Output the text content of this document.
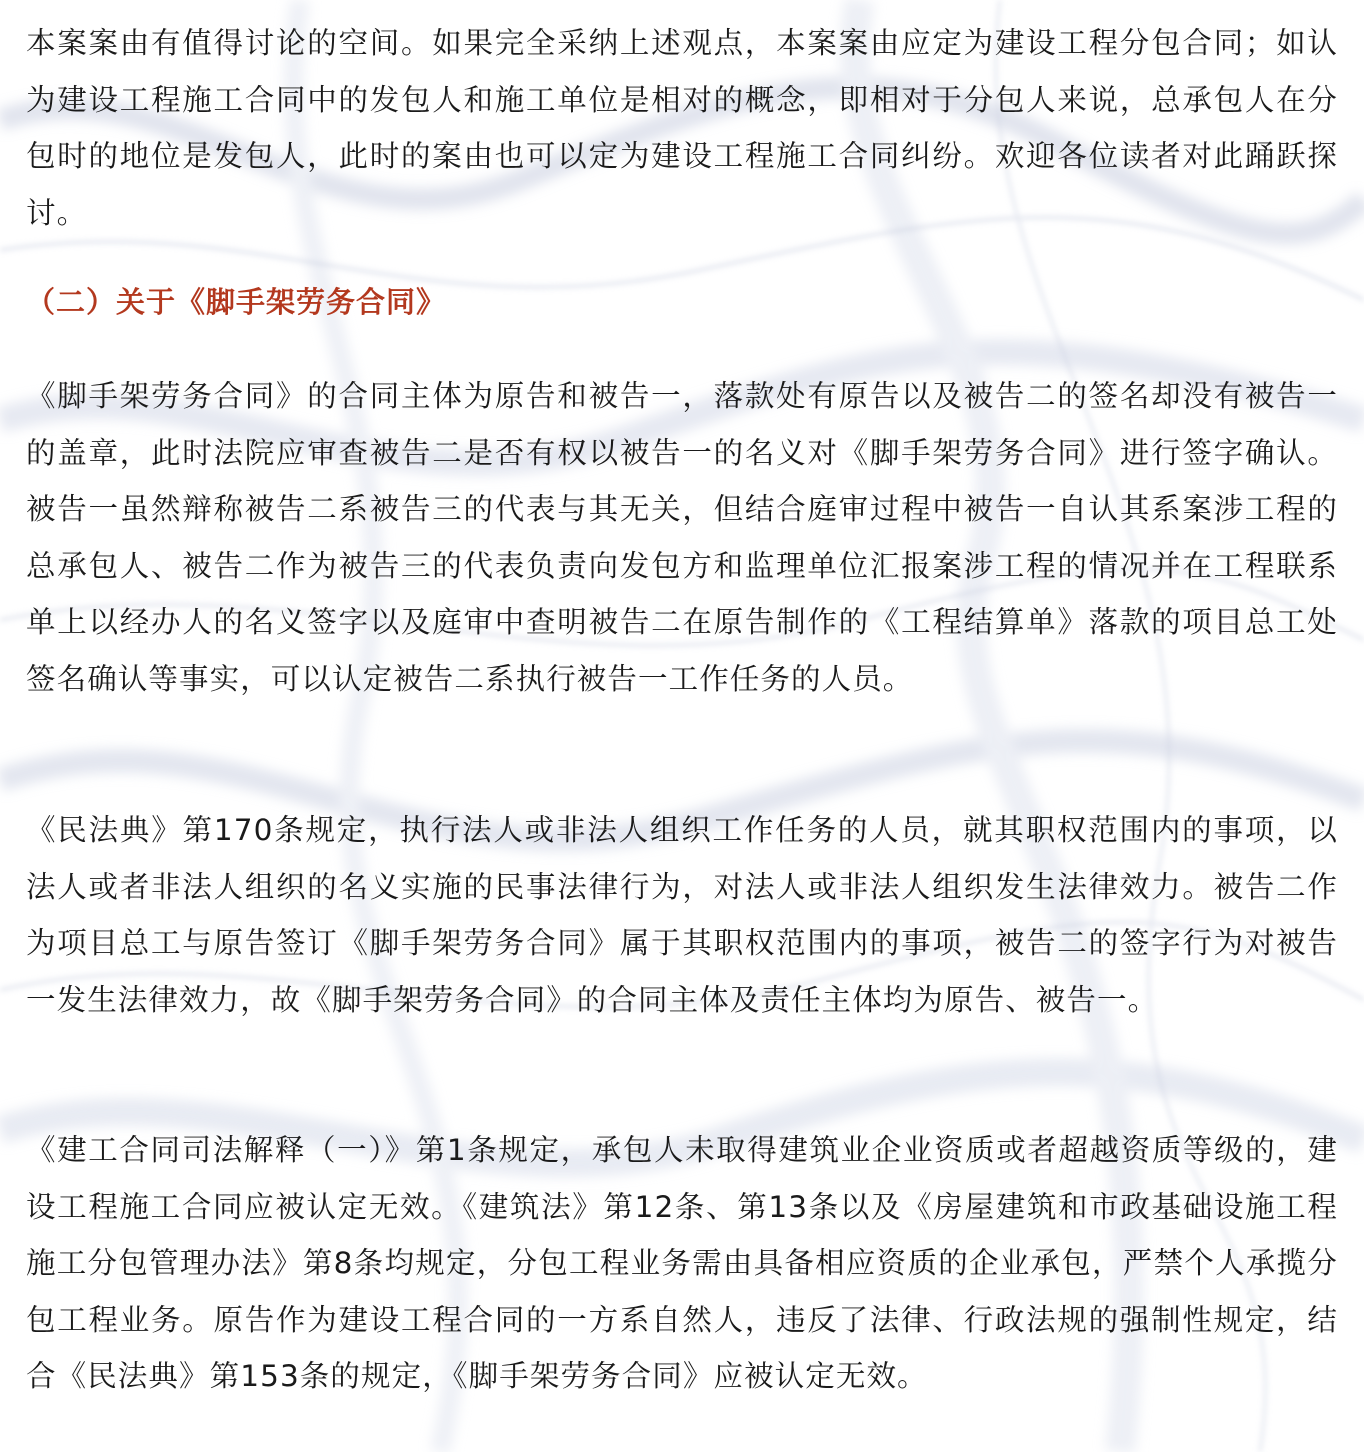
本案案由有值得讨论的空间。如果完全采纳上述观点，本案案由应定为建设工程分包合同；如认为建设工程施工合同中的发包人和施工单位是相对的概念，即相对于分包人来说，总承包人在分包时的地位是发包人，此时的案由也可以定为建设工程施工合同纠纷。欢迎各位读者对此踊跃探讨。

（二）关于《脚手架劳务合同》

《脚手架劳务合同》的合同主体为原告和被告一，落款处有原告以及被告二的签名却没有被告一的盖章，此时法院应审查被告二是否有权以被告一的名义对《脚手架劳务合同》进行签字确认。被告一虽然辩称被告二系被告三的代表与其无关，但结合庭审过程中被告一自认其系案涉工程的总承包人、被告二作为被告三的代表负责向发包方和监理单位汇报案涉工程的情况并在工程联系单上以经办人的名义签字以及庭审中查明被告二在原告制作的《工程结算单》落款的项目总工处签名确认等事实，可以认定被告二系执行被告一工作任务的人员。

《民法典》第170条规定，执行法人或非法人组织工作任务的人员，就其职权范围内的事项，以法人或者非法人组织的名义实施的民事法律行为，对法人或非法人组织发生法律效力。被告二作为项目总工与原告签订《脚手架劳务合同》属于其职权范围内的事项，被告二的签字行为对被告一发生法律效力，故《脚手架劳务合同》的合同主体及责任主体均为原告、被告一。

《建工合同司法解释（一）》第1条规定，承包人未取得建筑业企业资质或者超越资质等级的，建设工程施工合同应被认定无效。《建筑法》第12条、第13条以及《房屋建筑和市政基础设施工程施工分包管理办法》第8条均规定，分包工程业务需由具备相应资质的企业承包，严禁个人承揽分包工程业务。原告作为建设工程合同的一方系自然人，违反了法律、行政法规的强制性规定，结合《民法典》第153条的规定，《脚手架劳务合同》应被认定无效。
